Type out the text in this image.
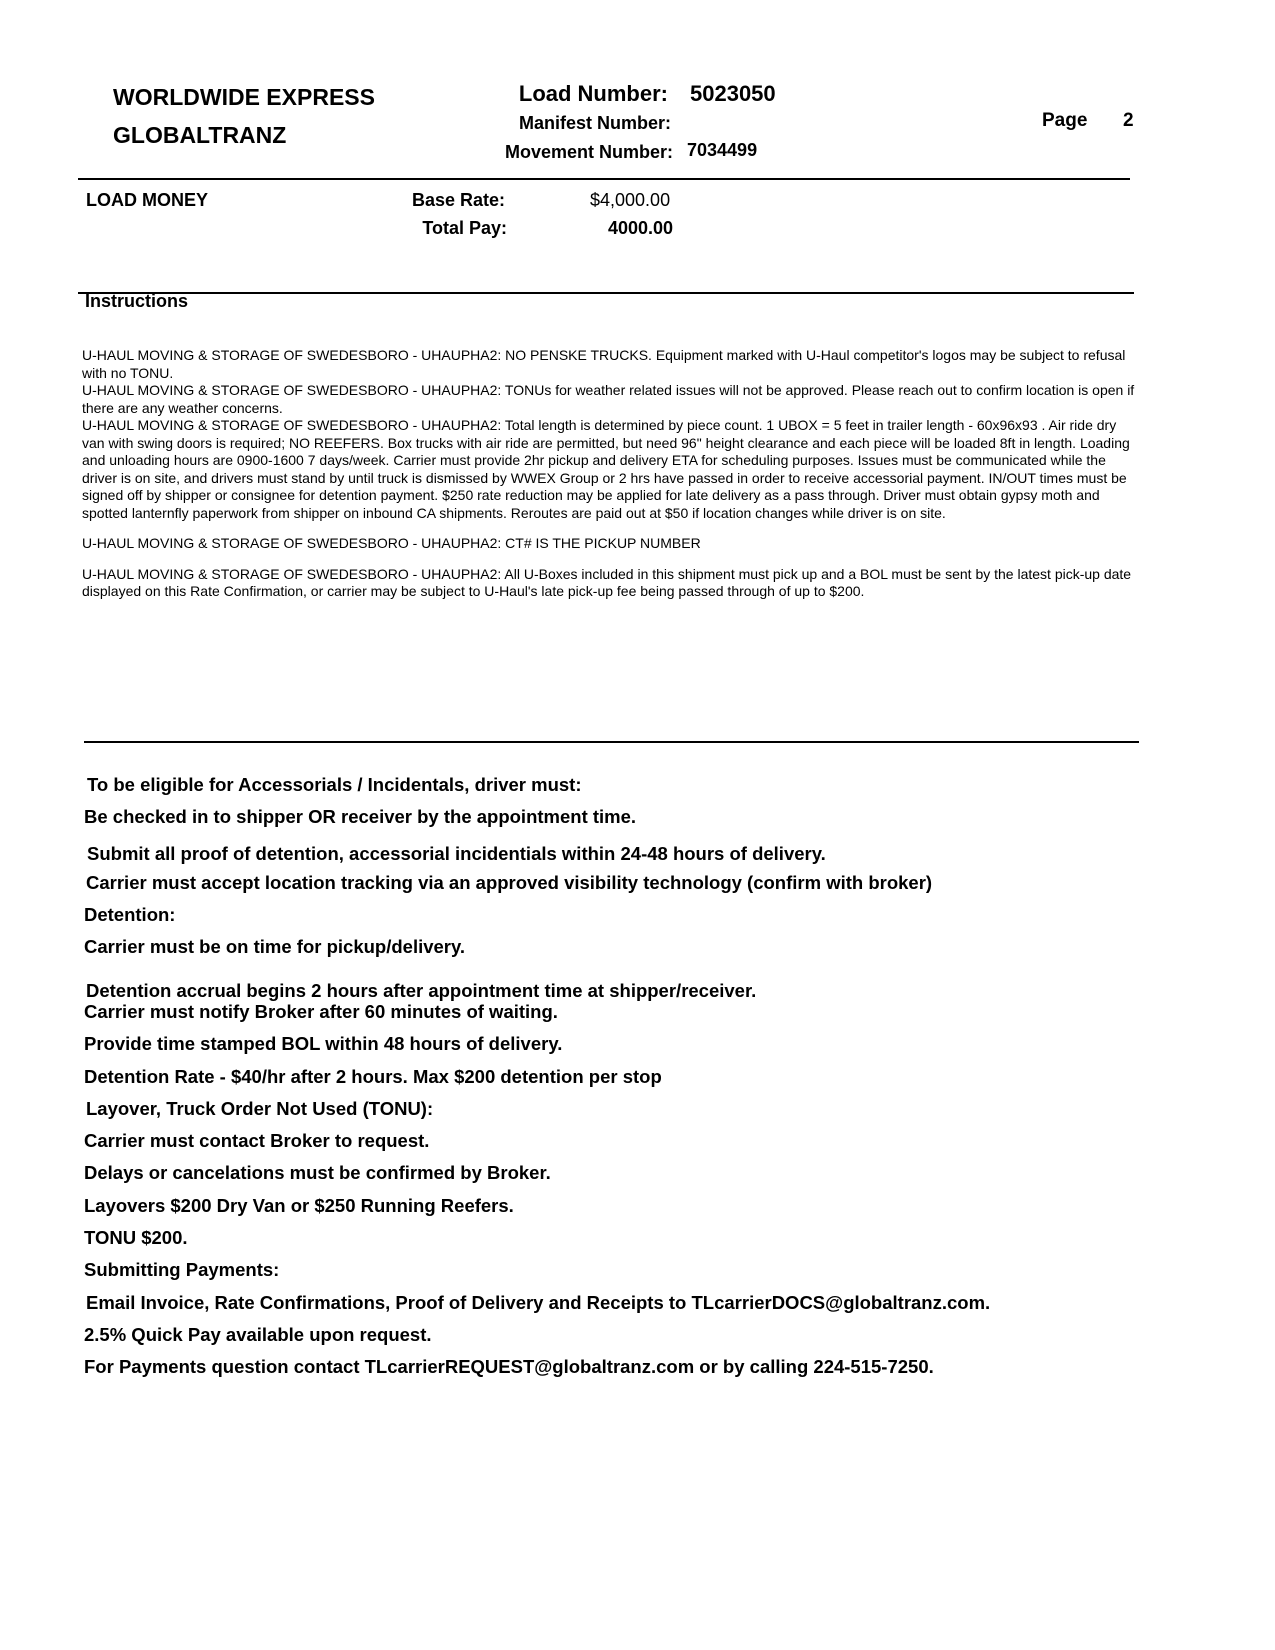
WORLDWIDE EXPRESS
GLOBALTRANZ
Load Number: 5023050
Manifest Number:
Movement Number: 7034499
Page 2
LOAD MONEY	Base Rate:	$4,000.00
Total Pay:	4000.00
Instructions
U-HAUL MOVING & STORAGE OF SWEDESBORO - UHAUPHA2: NO PENSKE TRUCKS. Equipment marked with U-Haul competitor's logos may be subject to refusal with no TONU.
U-HAUL MOVING & STORAGE OF SWEDESBORO - UHAUPHA2: TONUs for weather related issues will not be approved. Please reach out to confirm location is open if there are any weather concerns.

U-HAUL MOVING & STORAGE OF SWEDESBORO - UHAUPHA2: Total length is determined by piece count. 1 UBOX = 5 feet in trailer length - 60x96x93 . Air ride dry van with swing doors is required; NO REEFERS. Box trucks with air ride are permitted, but need 96" height clearance and each piece will be loaded 8ft in length. Loading and unloading hours are 0900-1600 7 days/week. Carrier must provide 2hr pickup and delivery ETA for scheduling purposes. Issues must be communicated while the driver is on site, and drivers must stand by until truck is dismissed by WWEX Group or 2 hrs have passed in order to receive accessorial payment. IN/OUT times must be signed off by shipper or consignee for detention payment. $250 rate reduction may be applied for late delivery as a pass through. Driver must obtain gypsy moth and spotted lanternfly paperwork from shipper on inbound CA shipments. Reroutes are paid out at $50 if location changes while driver is on site.

U-HAUL MOVING & STORAGE OF SWEDESBORO - UHAUPHA2: CT# IS THE PICKUP NUMBER

U-HAUL MOVING & STORAGE OF SWEDESBORO - UHAUPHA2: All U-Boxes included in this shipment must pick up and a BOL must be sent by the latest pick-up date displayed on this Rate Confirmation, or carrier may be subject to U-Haul's late pick-up fee being passed through of up to $200.

To be eligible for Accessorials / Incidentals, driver must:
Be checked in to shipper OR receiver by the appointment time.
Submit all proof of detention, accessorial incidentials within 24-48 hours of delivery.
Carrier must accept location tracking via an approved visibility technology (confirm with broker)
Detention:
Carrier must be on time for pickup/delivery.
Detention accrual begins 2 hours after appointment time at shipper/receiver.
Carrier must notify Broker after 60 minutes of waiting.
Provide time stamped BOL within 48 hours of delivery.
Detention Rate - $40/hr after 2 hours. Max $200 detention per stop
Layover, Truck Order Not Used (TONU):
Carrier must contact Broker to request.
Delays or cancelations must be confirmed by Broker.
Layovers $200 Dry Van or $250 Running Reefers.
TONU $200.
Submitting Payments:
Email Invoice, Rate Confirmations, Proof of Delivery and Receipts to TLcarrierDOCS@globaltranz.com.
2.5% Quick Pay available upon request.
For Payments question contact TLcarrierREQUEST@globaltranz.com or by calling 224-515-7250.
